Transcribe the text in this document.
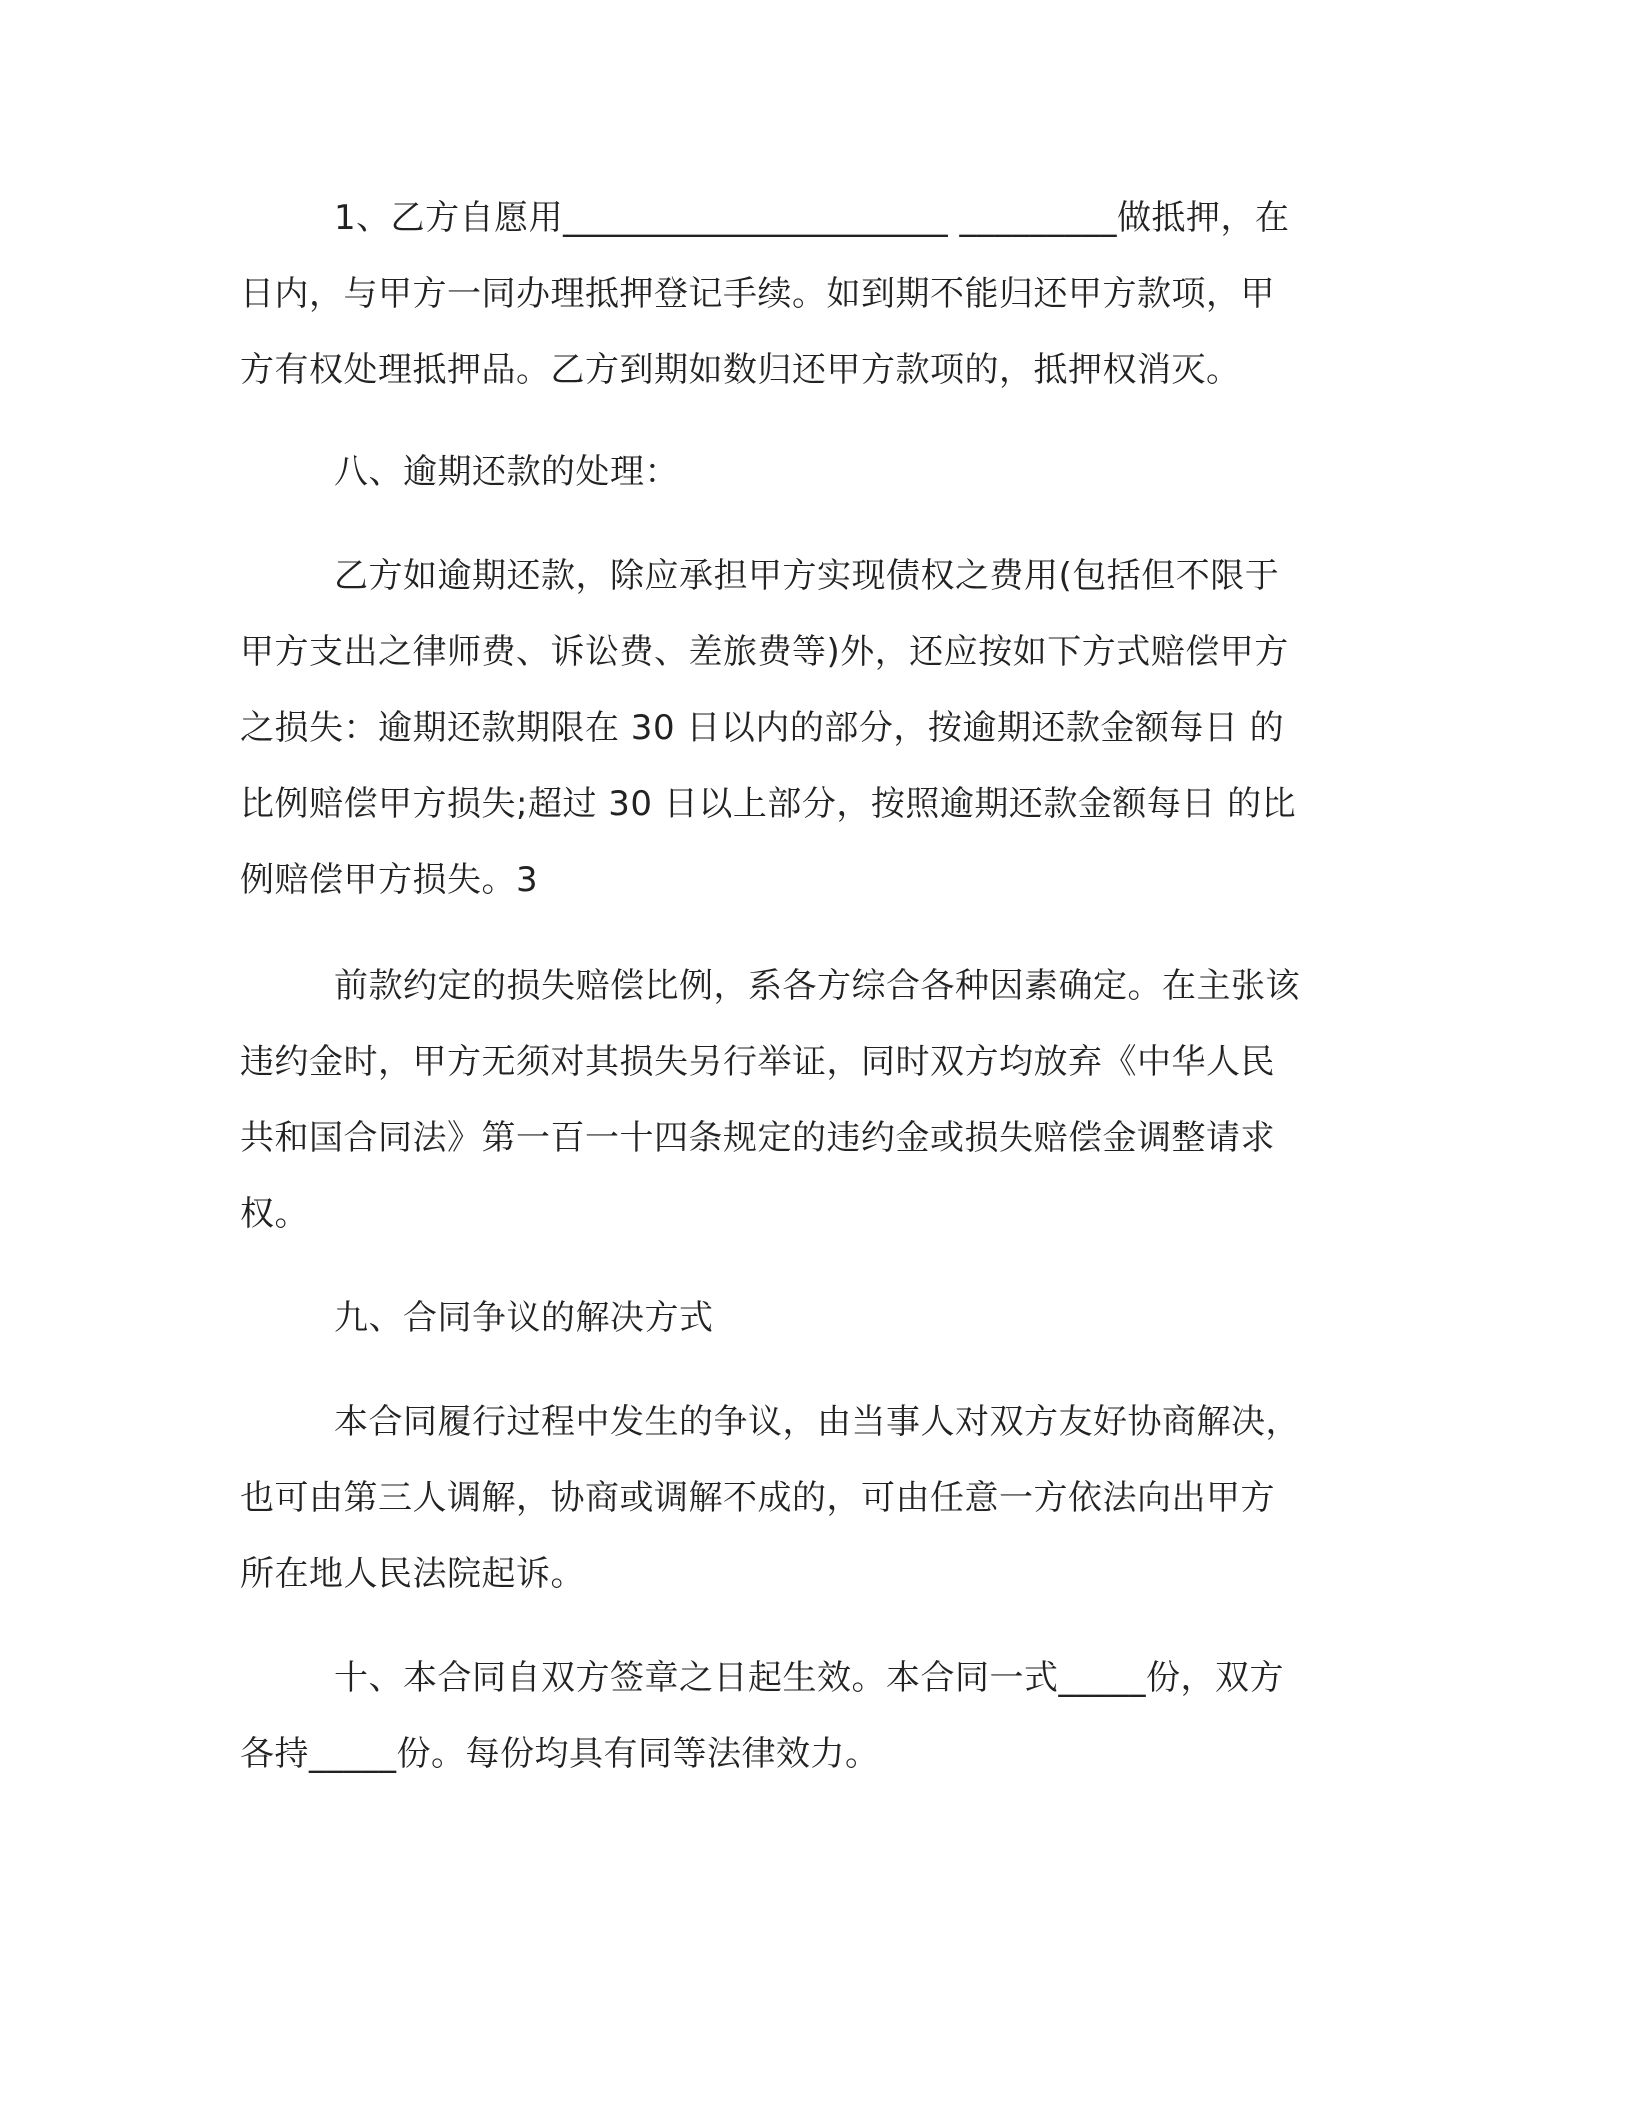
1、乙方自愿用______________________ _________做抵押，在
日内，与甲方一同办理抵押登记手续。如到期不能归还甲方款项，甲
方有权处理抵押品。乙方到期如数归还甲方款项的，抵押权消灭。
八、逾期还款的处理：
乙方如逾期还款，除应承担甲方实现债权之费用(包括但不限于
甲方支出之律师费、诉讼费、差旅费等)外，还应按如下方式赔偿甲方
之损失：逾期还款期限在 30 日以内的部分，按逾期还款金额每日 的
比例赔偿甲方损失;超过 30 日以上部分，按照逾期还款金额每日 的比
例赔偿甲方损失。3
前款约定的损失赔偿比例，系各方综合各种因素确定。在主张该
违约金时，甲方无须对其损失另行举证，同时双方均放弃《中华人民
共和国合同法》第一百一十四条规定的违约金或损失赔偿金调整请求
权。
九、合同争议的解决方式
本合同履行过程中发生的争议，由当事人对双方友好协商解决，
也可由第三人调解，协商或调解不成的，可由任意一方依法向出甲方
所在地人民法院起诉。
十、本合同自双方签章之日起生效。本合同一式_____份，双方
各持_____份。每份均具有同等法律效力。
